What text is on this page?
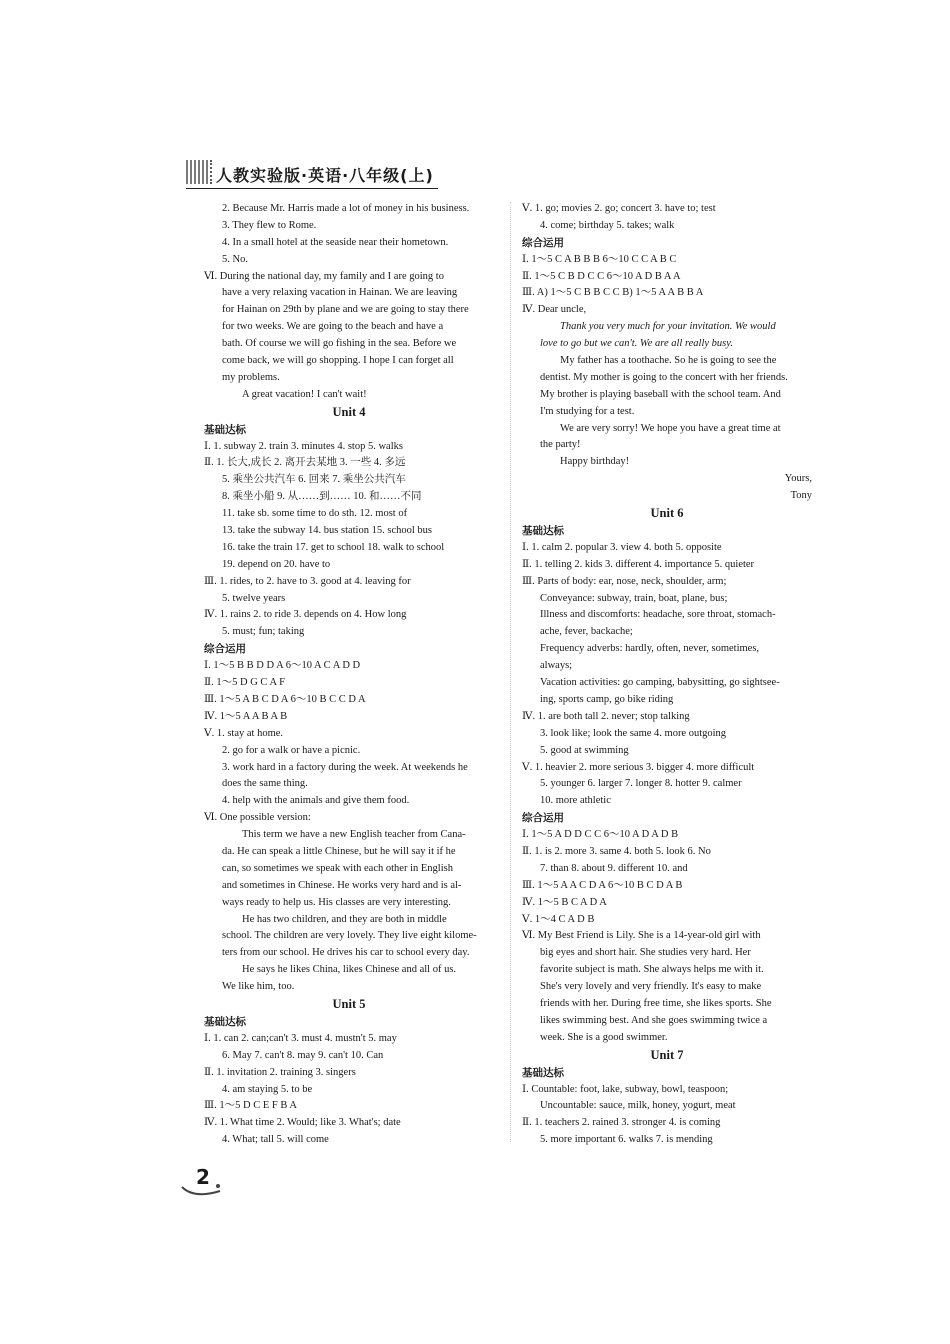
人教实验版·英语·八年级(上)
2. Because Mr. Harris made a lot of money in his business.
3. They flew to Rome.
4. In a small hotel at the seaside near their hometown.
5. No.
Ⅵ. During the national day, my family and I are going to
have a very relaxing vacation in Hainan. We are leaving
for Hainan on 29th by plane and we are going to stay there
for two weeks. We are going to the beach and have a
bath. Of course we will go fishing in the sea. Before we
come back, we will go shopping. I hope I can forget all
my problems.
A great vacation! I can't wait!
Unit 4
基础达标
Ⅰ. 1. subway 2. train 3. minutes 4. stop 5. walks
Ⅱ. 1. 长大,成长 2. 离开去某地 3. 一些 4. 多远
5. 乘坐公共汽车 6. 回来 7. 乘坐公共汽车
8. 乘坐小船 9. 从……到…… 10. 和……不同
11. take sb. some time to do sth. 12. most of
13. take the subway 14. bus station 15. school bus
16. take the train 17. get to school 18. walk to school
19. depend on 20. have to
Ⅲ. 1. rides, to 2. have to 3. good at 4. leaving for
5. twelve years
Ⅳ. 1. rains 2. to ride 3. depends on 4. How long
5. must; fun; taking
综合运用
Ⅰ. 1～5 B B D D A 6～10 A C A D D
Ⅱ. 1～5 D G C A F
Ⅲ. 1～5 A B C D A 6～10 B C C D A
Ⅳ. 1～5 A A B A B
Ⅴ. 1. stay at home.
2. go for a walk or have a picnic.
3. work hard in a factory during the week. At weekends he
does the same thing.
4. help with the animals and give them food.
Ⅵ. One possible version:
This term we have a new English teacher from Cana-
da. He can speak a little Chinese, but he will say it if he
can, so sometimes we speak with each other in English
and sometimes in Chinese. He works very hard and is al-
ways ready to help us. His classes are very interesting.
He has two children, and they are both in middle
school. The children are very lovely. They live eight kilome-
ters from our school. He drives his car to school every day.
He says he likes China, likes Chinese and all of us.
We like him, too.
Unit 5
基础达标
Ⅰ. 1. can 2. can;can't 3. must 4. mustn't 5. may
6. May 7. can't 8. may 9. can't 10. Can
Ⅱ. 1. invitation 2. training 3. singers
4. am staying 5. to be
Ⅲ. 1～5 D C E F B A
Ⅳ. 1. What time 2. Would; like 3. What's; date
4. What; tall 5. will come
Ⅴ. 1. go; movies 2. go; concert 3. have to; test
4. come; birthday 5. takes; walk
综合运用
Ⅰ. 1～5 C A B B B 6～10 C C A B C
Ⅱ. 1～5 C B D C C 6～10 A D B A A
Ⅲ. A) 1～5 C B B C C B) 1～5 A A B B A
Ⅳ. Dear uncle,
Thank you very much for your invitation. We would
love to go but we can't. We are all really busy.
My father has a toothache. So he is going to see the
dentist. My mother is going to the concert with her friends.
My brother is playing baseball with the school team. And
I'm studying for a test.
We are very sorry! We hope you have a great time at
the party!
Happy birthday!
Yours,
Tony
Unit 6
基础达标
Ⅰ. 1. calm 2. popular 3. view 4. both 5. opposite
Ⅱ. 1. telling 2. kids 3. different 4. importance 5. quieter
Ⅲ. Parts of body: ear, nose, neck, shoulder, arm;
Conveyance: subway, train, boat, plane, bus;
Illness and discomforts: headache, sore throat, stomach-
ache, fever, backache;
Frequency adverbs: hardly, often, never, sometimes,
always;
Vacation activities: go camping, babysitting, go sightsee-
ing, sports camp, go bike riding
Ⅳ. 1. are both tall 2. never; stop talking
3. look like; look the same 4. more outgoing
5. good at swimming
Ⅴ. 1. heavier 2. more serious 3. bigger 4. more difficult
5. younger 6. larger 7. longer 8. hotter 9. calmer
10. more athletic
综合运用
Ⅰ. 1～5 A D D C C 6～10 A D A D B
Ⅱ. 1. is 2. more 3. same 4. both 5. look 6. No
7. than 8. about 9. different 10. and
Ⅲ. 1～5 A A C D A 6～10 B C D A B
Ⅳ. 1～5 B C A D A
Ⅴ. 1～4 C A D B
Ⅵ. My Best Friend is Lily. She is a 14-year-old girl with
big eyes and short hair. She studies very hard. Her
favorite subject is math. She always helps me with it.
She's very lovely and very friendly. It's easy to make
friends with her. During free time, she likes sports. She
likes swimming best. And she goes swimming twice a
week. She is a good swimmer.
Unit 7
基础达标
Ⅰ. Countable: foot, lake, subway, bowl, teaspoon;
Uncountable: sauce, milk, honey, yogurt, meat
Ⅱ. 1. teachers 2. rained 3. stronger 4. is coming
5. more important 6. walks 7. is mending
2
